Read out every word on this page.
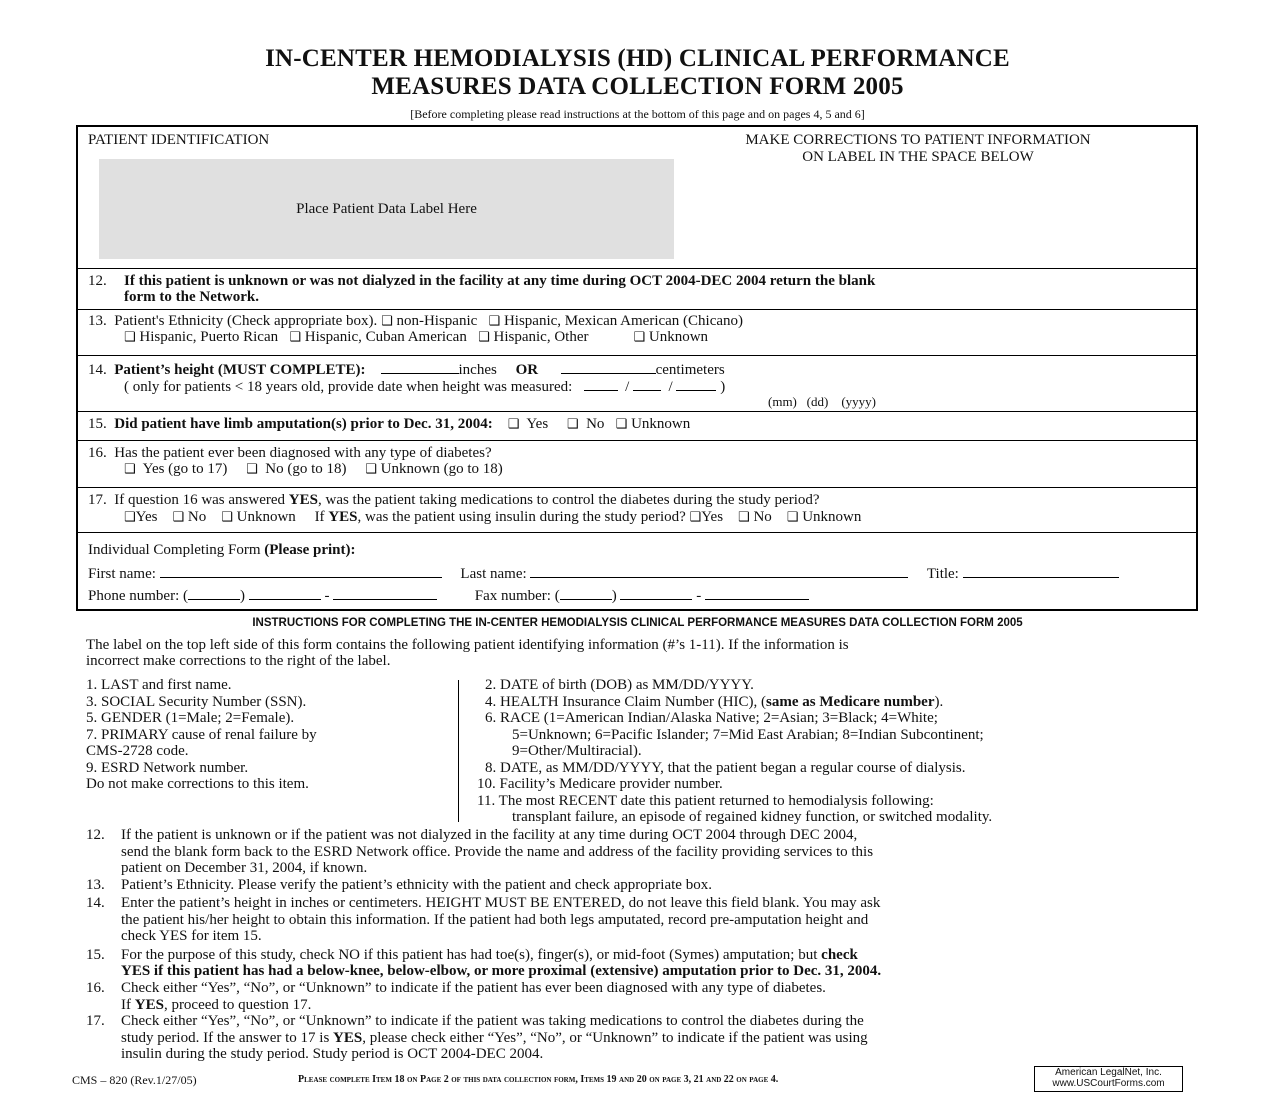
IN-CENTER HEMODIALYSIS (HD) CLINICAL PERFORMANCE
MEASURES DATA COLLECTION FORM 2005
[Before completing please read instructions at the bottom of this page and on pages 4, 5 and 6]
PATIENT IDENTIFICATION
Place Patient Data Label Here
MAKE CORRECTIONS TO PATIENT INFORMATION
ON LABEL IN THE SPACE BELOW
12. If this patient is unknown or was not dialyzed in the facility at any time during OCT 2004-DEC 2004 return the blank
form to the Network.
13. Patient's Ethnicity (Check appropriate box). ❑ non-Hispanic ❑ Hispanic, Mexican American (Chicano)
❑ Hispanic, Puerto Rican ❑ Hispanic, Cuban American ❑ Hispanic, Other	❑ Unknown
14. Patient’s height (MUST COMPLETE):	inches OR	centimeters
( only for patients < 18 years old, provide date when height was measured:	/	/	)
(mm) (dd) (yyyy)
15. Did patient have limb amputation(s) prior to Dec. 31, 2004: ❑ Yes ❑ No ❑ Unknown
16. Has the patient ever been diagnosed with any type of diabetes?
❑ Yes (go to 17) ❑ No (go to 18) ❑ Unknown (go to 18)
17. If question 16 was answered YES, was the patient taking medications to control the diabetes during the study period?
❑Yes ❑ No ❑ Unknown If YES, was the patient using insulin during the study period? ❑Yes ❑ No ❑ Unknown
Individual Completing Form (Please print):
First name:	Last name:	Title:
Phone number: (	)	-	Fax number: (	)	-
INSTRUCTIONS FOR COMPLETING THE IN-CENTER HEMODIALYSIS CLINICAL PERFORMANCE MEASURES DATA COLLECTION FORM 2005
The label on the top left side of this form contains the following patient identifying information (#’s 1-11). If the information is
incorrect make corrections to the right of the label.
1. LAST and first name.
3. SOCIAL Security Number (SSN).
5. GENDER (1=Male; 2=Female).
7. PRIMARY cause of renal failure by
CMS-2728 code.
9. ESRD Network number.
Do not make corrections to this item.
2. DATE of birth (DOB) as MM/DD/YYYY.
4. HEALTH Insurance Claim Number (HIC), (same as Medicare number).
6. RACE (1=American Indian/Alaska Native; 2=Asian; 3=Black; 4=White;
5=Unknown; 6=Pacific Islander; 7=Mid East Arabian; 8=Indian Subcontinent;
9=Other/Multiracial).
8. DATE, as MM/DD/YYYY, that the patient began a regular course of dialysis.
10. Facility’s Medicare provider number.
11. The most RECENT date this patient returned to hemodialysis following:
transplant failure, an episode of regained kidney function, or switched modality.
12. If the patient is unknown or if the patient was not dialyzed in the facility at any time during OCT 2004 through DEC 2004,
send the blank form back to the ESRD Network office. Provide the name and address of the facility providing services to this
patient on December 31, 2004, if known.
13. Patient’s Ethnicity. Please verify the patient’s ethnicity with the patient and check appropriate box.
14. Enter the patient’s height in inches or centimeters. HEIGHT MUST BE ENTERED, do not leave this field blank. You may ask
the patient his/her height to obtain this information. If the patient had both legs amputated, record pre-amputation height and
check YES for item 15.
15. For the purpose of this study, check NO if this patient has had toe(s), finger(s), or mid-foot (Symes) amputation; but check
YES if this patient has had a below-knee, below-elbow, or more proximal (extensive) amputation prior to Dec. 31, 2004.
16. Check either “Yes”, “No”, or “Unknown” to indicate if the patient has ever been diagnosed with any type of diabetes.
If YES, proceed to question 17.
17. Check either “Yes”, “No”, or “Unknown” to indicate if the patient was taking medications to control the diabetes during the
study period. If the answer to 17 is YES, please check either “Yes”, “No”, or “Unknown” to indicate if the patient was using
insulin during the study period. Study period is OCT 2004-DEC 2004.
CMS – 820 (Rev.1/27/05)	Please complete Item 18 on Page 2 of this data collection form, Items 19 and 20 on page 3, 21 and 22 on page 4.
American LegalNet, Inc.
www.USCourtForms.com
